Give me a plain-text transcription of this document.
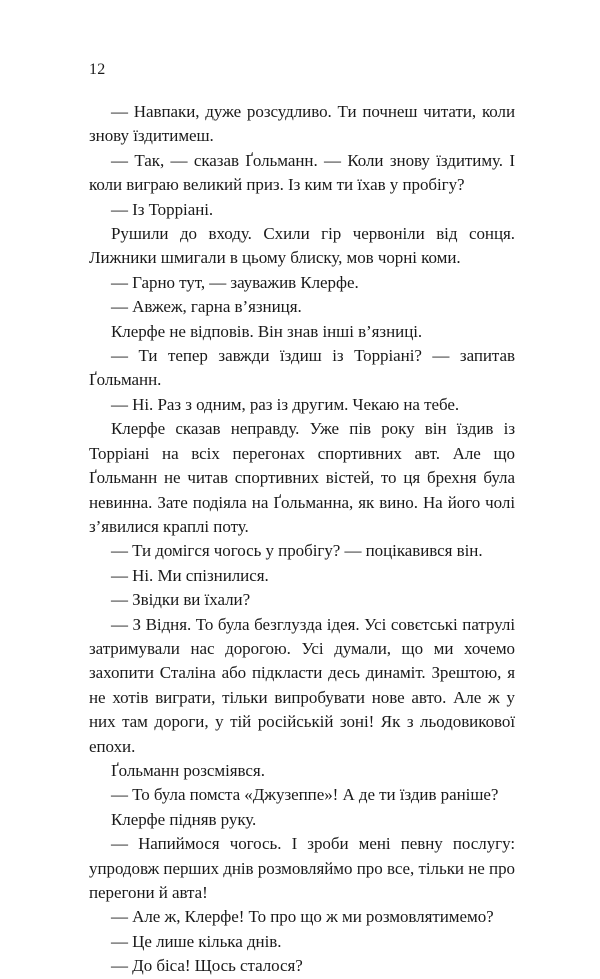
12

— Навпаки, дуже розсудливо. Ти почнеш читати, коли знову їздитимеш.

— Так, — сказав Ґольманн. — Коли знову їздитиму. І коли виграю великий приз. Із ким ти їхав у пробігу?

— Із Торріані.

Рушили до входу. Схили гір червоніли від сонця. Лижники шмигали в цьому блиску, мов чорні коми.

— Гарно тут, — зауважив Клерфе.

— Авжеж, гарна в’язниця.

Клерфе не відповів. Він знав інші в’язниці.

— Ти тепер завжди їздиш із Торріані? — запитав Ґольманн.

— Ні. Раз з одним, раз із другим. Чекаю на тебе.

Клерфе сказав неправду. Уже пів року він їздив із Торріані на всіх перегонах спортивних авт. Але що Ґольманн не читав спортивних вістей, то ця брехня була невинна. Зате подіяла на Ґольманна, як вино. На його чолі з’явилися краплі поту.

— Ти домігся чогось у пробігу? — поцікавився він.

— Ні. Ми спізнилися.

— Звідки ви їхали?

— З Відня. То була безглузда ідея. Усі совєтські патрулі затримували нас дорогою. Усі думали, що ми хочемо захопити Сталіна або підкласти десь динаміт. Зрештою, я не хотів виграти, тільки випробувати нове авто. Але ж у них там дороги, у тій російській зоні! Як з льодовикової епохи.

Ґольманн розсміявся.

— То була помста «Джузеппе»! А де ти їздив раніше?

Клерфе підняв руку.

— Напиймося чогось. І зроби мені певну послугу: упродовж перших днів розмовляймо про все, тільки не про перегони й авта!

— Але ж, Клерфе! То про що ж ми розмовлятимемо?

— Це лише кілька днів.

— До біса! Щось сталося?
